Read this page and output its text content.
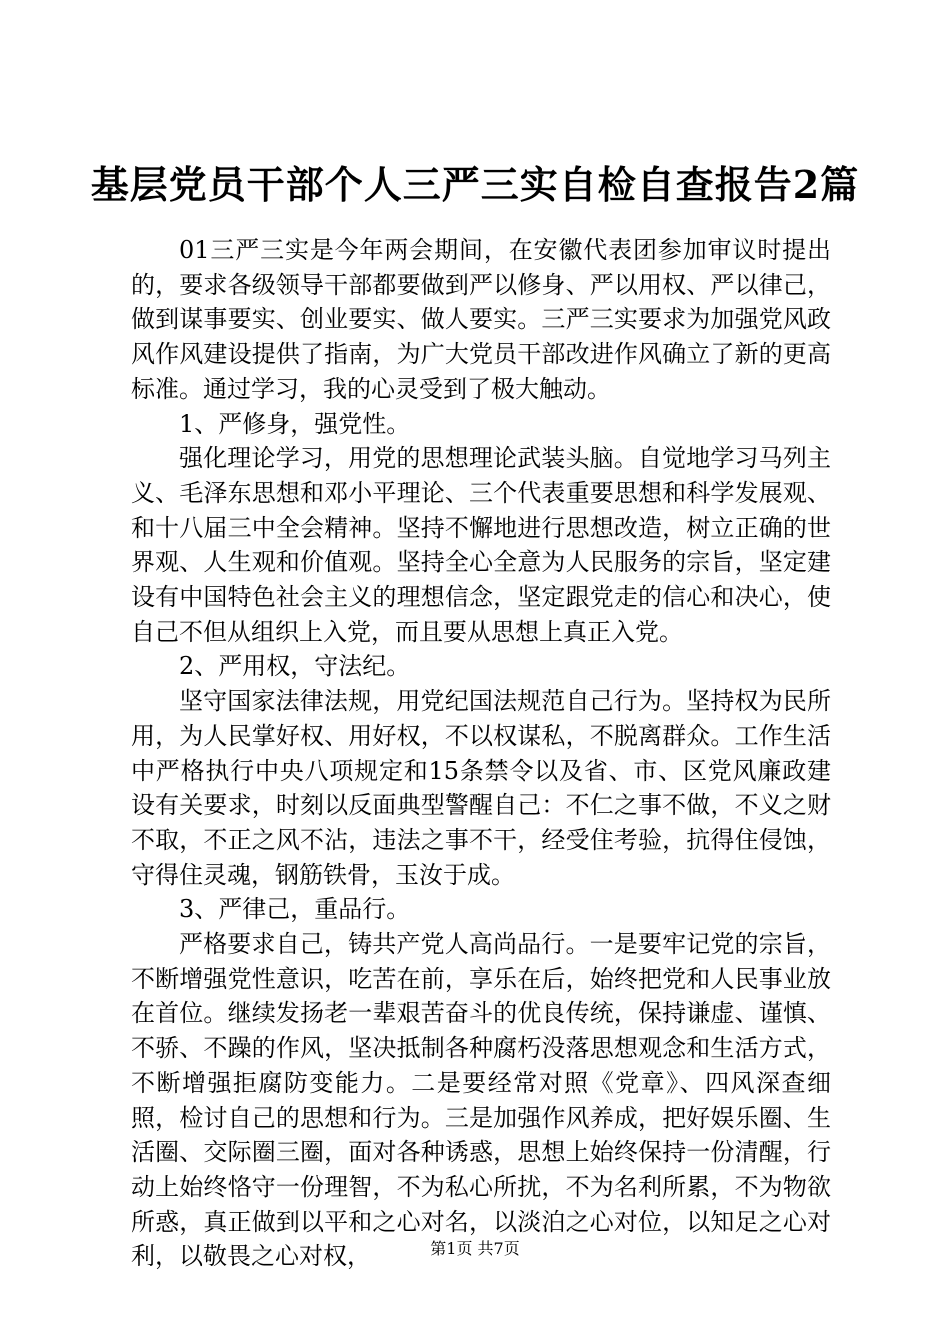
基层党员干部个人三严三实自检自查报告2篇

01三严三实是今年两会期间，在安徽代表团参加审议时提出的，要求各级领导干部都要做到严以修身、严以用权、严以律己，做到谋事要实、创业要实、做人要实。三严三实要求为加强党风政风作风建设提供了指南，为广大党员干部改进作风确立了新的更高标准。通过学习，我的心灵受到了极大触动。

1、严修身，强党性。

强化理论学习，用党的思想理论武装头脑。自觉地学习马列主义、毛泽东思想和邓小平理论、三个代表重要思想和科学发展观、和十八届三中全会精神。坚持不懈地进行思想改造，树立正确的世界观、人生观和价值观。坚持全心全意为人民服务的宗旨，坚定建设有中国特色社会主义的理想信念，坚定跟党走的信心和决心，使自己不但从组织上入党，而且要从思想上真正入党。

2、严用权，守法纪。

坚守国家法律法规，用党纪国法规范自己行为。坚持权为民所用，为人民掌好权、用好权，不以权谋私，不脱离群众。工作生活中严格执行中央八项规定和15条禁令以及省、市、区党风廉政建设有关要求，时刻以反面典型警醒自己：不仁之事不做，不义之财不取，不正之风不沾，违法之事不干，经受住考验，抗得住侵蚀，守得住灵魂，钢筋铁骨，玉汝于成。

3、严律己，重品行。

严格要求自己，铸共产党人高尚品行。一是要牢记党的宗旨，不断增强党性意识，吃苦在前，享乐在后，始终把党和人民事业放在首位。继续发扬老一辈艰苦奋斗的优良传统，保持谦虚、谨慎、不骄、不躁的作风，坚决抵制各种腐朽没落思想观念和生活方式，不断增强拒腐防变能力。二是要经常对照《党章》、四风深查细照，检讨自己的思想和行为。三是加强作风养成，把好娱乐圈、生活圈、交际圈三圈，面对各种诱惑，思想上始终保持一份清醒，行动上始终恪守一份理智，不为私心所扰，不为名利所累，不为物欲所惑，真正做到以平和之心对名，以淡泊之心对位，以知足之心对利，以敬畏之心对权，	第1页 共7页
